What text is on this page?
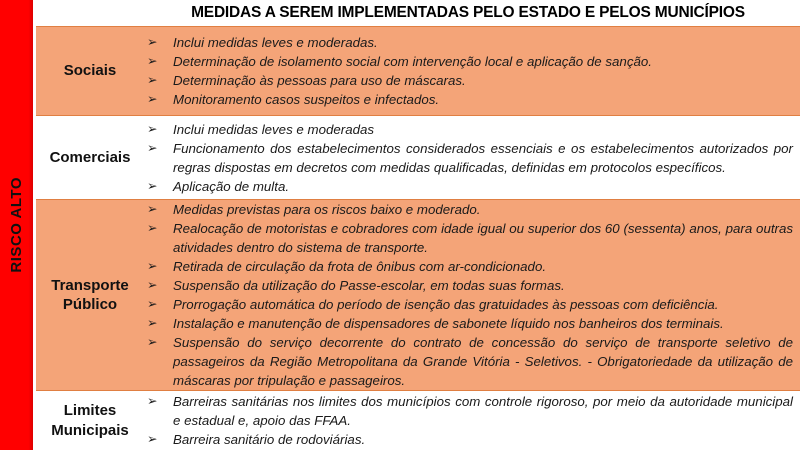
RISCO ALTO
MEDIDAS A SEREM IMPLEMENTADAS PELO ESTADO E PELOS MUNICÍPIOS
Sociais
➢ Inclui medidas leves e moderadas.
➢ Determinação de isolamento social com intervenção local e aplicação de sanção.
➢ Determinação às pessoas para uso de máscaras.
➢ Monitoramento casos suspeitos e infectados.
Comerciais
➢ Inclui medidas leves e moderadas
➢ Funcionamento dos estabelecimentos considerados essenciais e os estabelecimentos autorizados por regras dispostas em decretos com medidas qualificadas, definidas em protocolos específicos.
➢ Aplicação de multa.
Transporte Público
➢ Medidas previstas para os riscos baixo e moderado.
➢ Realocação de motoristas e cobradores com idade igual ou superior dos 60 (sessenta) anos, para outras atividades dentro do sistema de transporte.
➢ Retirada de circulação da frota de ônibus com ar-condicionado.
➢ Suspensão da utilização do Passe-escolar, em todas suas formas.
➢ Prorrogação automática do período de isenção das gratuidades às pessoas com deficiência.
➢ Instalação e manutenção de dispensadores de sabonete líquido nos banheiros dos terminais.
➢ Suspensão do serviço decorrente do contrato de concessão do serviço de transporte seletivo de passageiros da Região Metropolitana da Grande Vitória - Seletivos. - Obrigatoriedade da utilização de máscaras por tripulação e passageiros.
Limites Municipais
➢ Barreiras sanitárias nos limites dos municípios com controle rigoroso, por meio da autoridade municipal e estadual e, apoio das FFAA.
➢ Barreira sanitário de rodoviárias.
